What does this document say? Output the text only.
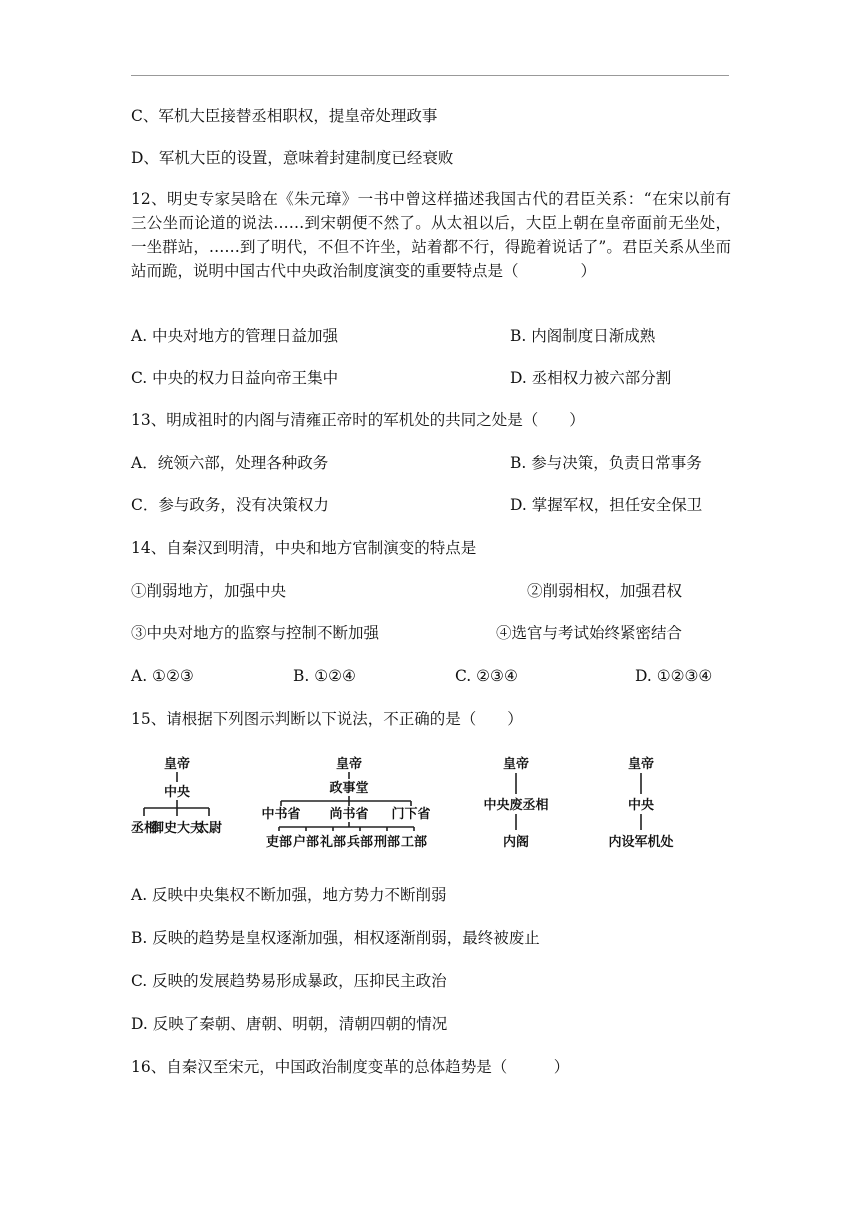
C、军机大臣接替丞相职权，提皇帝处理政事
D、军机大臣的设置，意味着封建制度已经衰败
12、明史专家吴晗在《朱元璋》一书中曾这样描述我国古代的君臣关系：“在宋以前有三公坐而论道的说法……到宋朝便不然了。从太祖以后，大臣上朝在皇帝面前无坐处，一坐群站，……到了明代，不但不许坐，站着都不行，得跪着说话了”。君臣关系从坐而站而跪，说明中国古代中央政治制度演变的重要特点是（　　　　）
A. 中央对地方的管理日益加强	B. 内阁制度日渐成熟
C. 中央的权力日益向帝王集中	D. 丞相权力被六部分割
13、明成祖时的内阁与清雍正帝时的军机处的共同之处是（　　）
A．统领六部，处理各种政务	B. 参与决策，负责日常事务
C．参与政务，没有决策权力	D. 掌握军权，担任安全保卫
14、自秦汉到明清，中央和地方官制演变的特点是
①削弱地方，加强中央	②削弱相权，加强君权
③中央对地方的监察与控制不断加强	④选官与考试始终紧密结合
A. ①②③	B. ①②④	C. ②③④	D. ①②③④
15、请根据下列图示判断以下说法，不正确的是（　　）
皇帝
中央
丞相
御史大夫
太尉
皇帝
政事堂
中书省 尚书省 门下省
吏部 户部 礼部 兵部 刑部 工部
皇帝
中央废丞相
内阁
皇帝
中央
内设军机处
A. 反映中央集权不断加强，地方势力不断削弱
B. 反映的趋势是皇权逐渐加强，相权逐渐削弱，最终被废止
C. 反映的发展趋势易形成暴政，压抑民主政治
D. 反映了秦朝、唐朝、明朝，清朝四朝的情况
16、自秦汉至宋元，中国政治制度变革的总体趋势是（　　　）
